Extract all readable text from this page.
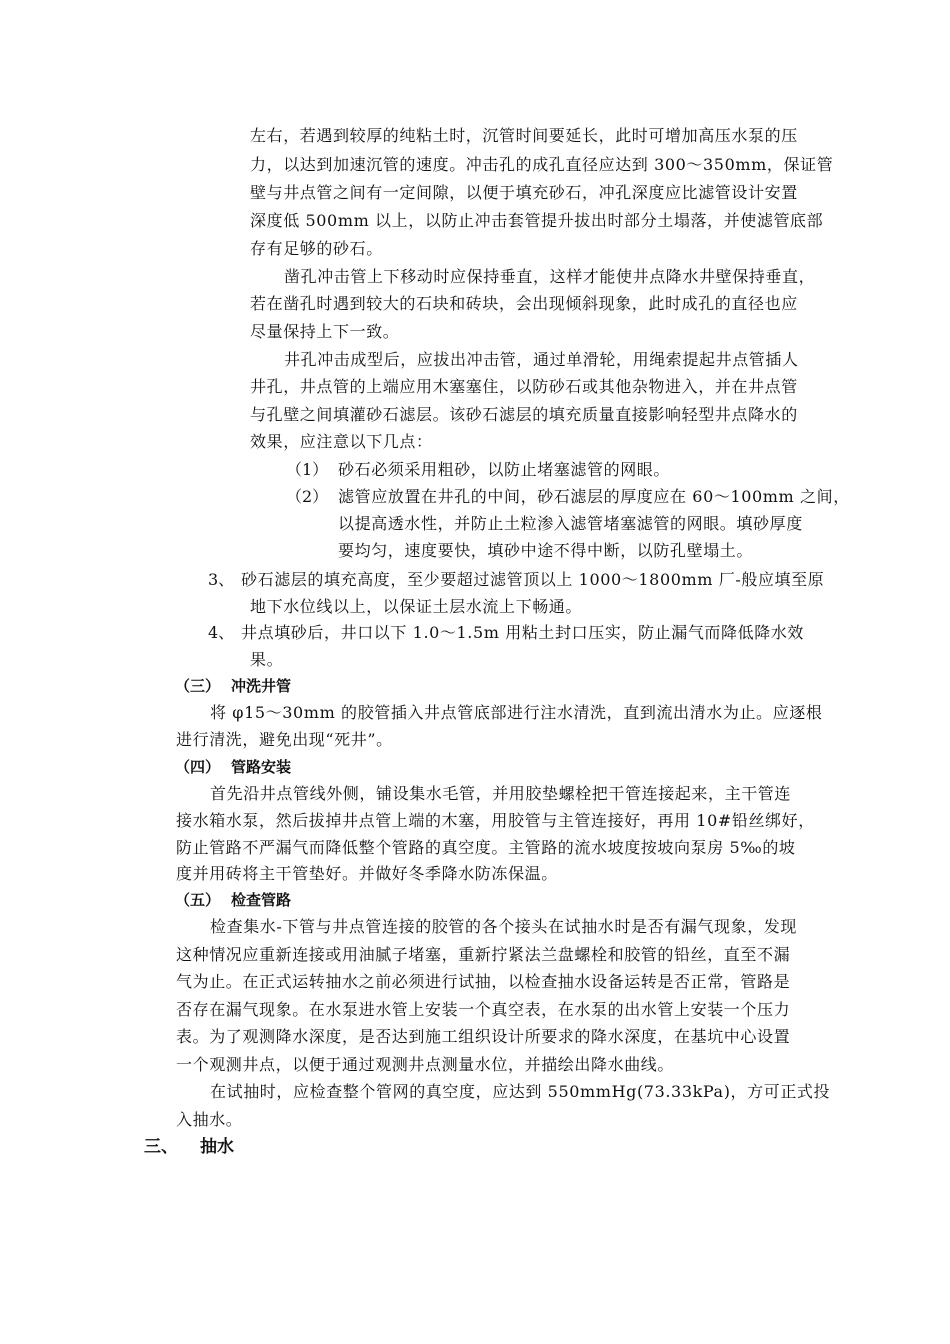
左右，若遇到较厚的纯粘土时，沉管时间要延长，此时可增加高压水泵的压
力，以达到加速沉管的速度。冲击孔的成孔直径应达到 300～350mm，保证管
壁与井点管之间有一定间隙，以便于填充砂石，冲孔深度应比滤管设计安置
深度低 500mm 以上，以防止冲击套管提升拔出时部分土塌落，并使滤管底部
存有足够的砂石。
凿孔冲击管上下移动时应保持垂直，这样才能使井点降水井壁保持垂直，
若在凿孔时遇到较大的石块和砖块，会出现倾斜现象，此时成孔的直径也应
尽量保持上下一致。
井孔冲击成型后，应拔出冲击管，通过单滑轮，用绳索提起井点管插人
井孔，井点管的上端应用木塞塞住，以防砂石或其他杂物进入，并在井点管
与孔壁之间填灌砂石滤层。该砂石滤层的填充质量直接影响轻型井点降水的
效果，应注意以下几点：
（1） 砂石必须采用粗砂，以防止堵塞滤管的网眼。
（2） 滤管应放置在井孔的中间，砂石滤层的厚度应在 60～100mm 之间，
以提高透水性，并防止土粒渗入滤管堵塞滤管的网眼。填砂厚度
要均匀，速度要快，填砂中途不得中断，以防孔壁塌土。
3、 砂石滤层的填充高度，至少要超过滤管顶以上 1000～1800mm 厂-般应填至原
地下水位线以上，以保证土层水流上下畅通。
4、 井点填砂后，井口以下 1.0～1.5m 用粘土封口压实，防止漏气而降低降水效
果。
（三） 冲洗井管
将 φ15～30mm 的胶管插入井点管底部进行注水清洗，直到流出清水为止。应逐根
进行清洗，避免出现“死井”。
（四） 管路安装
首先沿井点管线外侧，铺设集水毛管，并用胶垫螺栓把干管连接起来，主干管连
接水箱水泵，然后拔掉井点管上端的木塞，用胶管与主管连接好，再用 10#铅丝绑好，
防止管路不严漏气而降低整个管路的真空度。主管路的流水坡度按坡向泵房 5‰的坡
度并用砖将主干管垫好。并做好冬季降水防冻保温。
（五） 检查管路
检查集水-下管与井点管连接的胶管的各个接头在试抽水时是否有漏气现象，发现
这种情况应重新连接或用油腻子堵塞，重新拧紧法兰盘螺栓和胶管的铅丝，直至不漏
气为止。在正式运转抽水之前必须进行试抽，以检查抽水设备运转是否正常，管路是
否存在漏气现象。在水泵进水管上安装一个真空表，在水泵的出水管上安装一个压力
表。为了观测降水深度，是否达到施工组织设计所要求的降水深度，在基坑中心设置
一个观测井点，以便于通过观测井点测量水位，并描绘出降水曲线。
在试抽时，应检查整个管网的真空度，应达到 550mmHg(73.33kPa)，方可正式投
入抽水。
三、 抽水
